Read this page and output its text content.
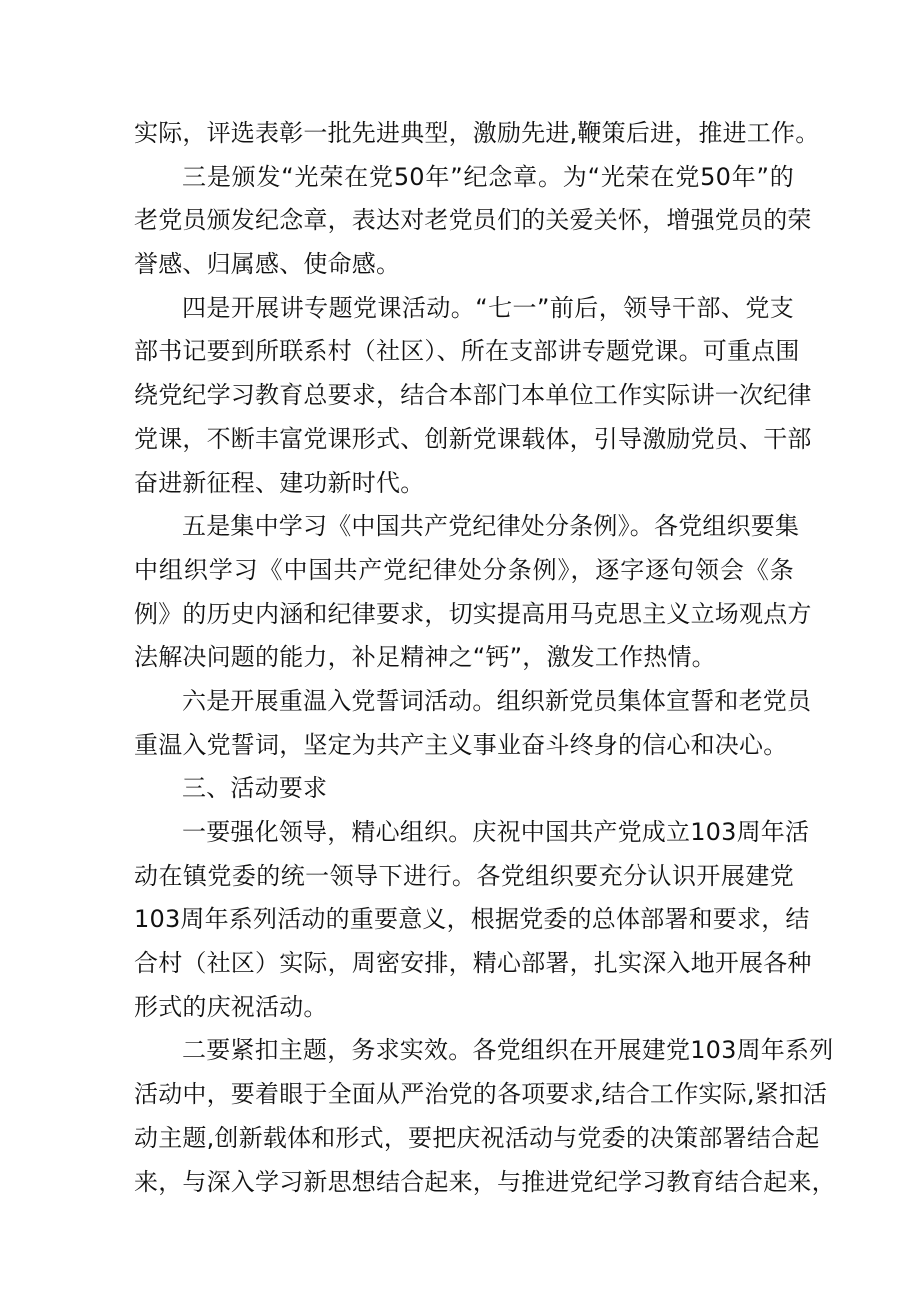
实际，评选表彰一批先进典型，激励先进,鞭策后进，推进工作。
三是颁发“光荣在党50年”纪念章。为“光荣在党50年”的
老党员颁发纪念章，表达对老党员们的关爱关怀，增强党员的荣
誉感、归属感、使命感。
四是开展讲专题党课活动。“七一”前后，领导干部、党支
部书记要到所联系村（社区）、所在支部讲专题党课。可重点围
绕党纪学习教育总要求，结合本部门本单位工作实际讲一次纪律
党课，不断丰富党课形式、创新党课载体，引导激励党员、干部
奋进新征程、建功新时代。
五是集中学习《中国共产党纪律处分条例》。各党组织要集
中组织学习《中国共产党纪律处分条例》，逐字逐句领会《条
例》的历史内涵和纪律要求，切实提高用马克思主义立场观点方
法解决问题的能力，补足精神之“钙”，激发工作热情。
六是开展重温入党誓词活动。组织新党员集体宣誓和老党员
重温入党誓词，坚定为共产主义事业奋斗终身的信心和决心。
三、活动要求
一要强化领导，精心组织。庆祝中国共产党成立103周年活
动在镇党委的统一领导下进行。各党组织要充分认识开展建党
103周年系列活动的重要意义，根据党委的总体部署和要求，结
合村（社区）实际，周密安排，精心部署，扎实深入地开展各种
形式的庆祝活动。
二要紧扣主题，务求实效。各党组织在开展建党103周年系列
活动中，要着眼于全面从严治党的各项要求,结合工作实际,紧扣活
动主题,创新载体和形式，要把庆祝活动与党委的决策部署结合起
来，与深入学习新思想结合起来，与推进党纪学习教育结合起来，
